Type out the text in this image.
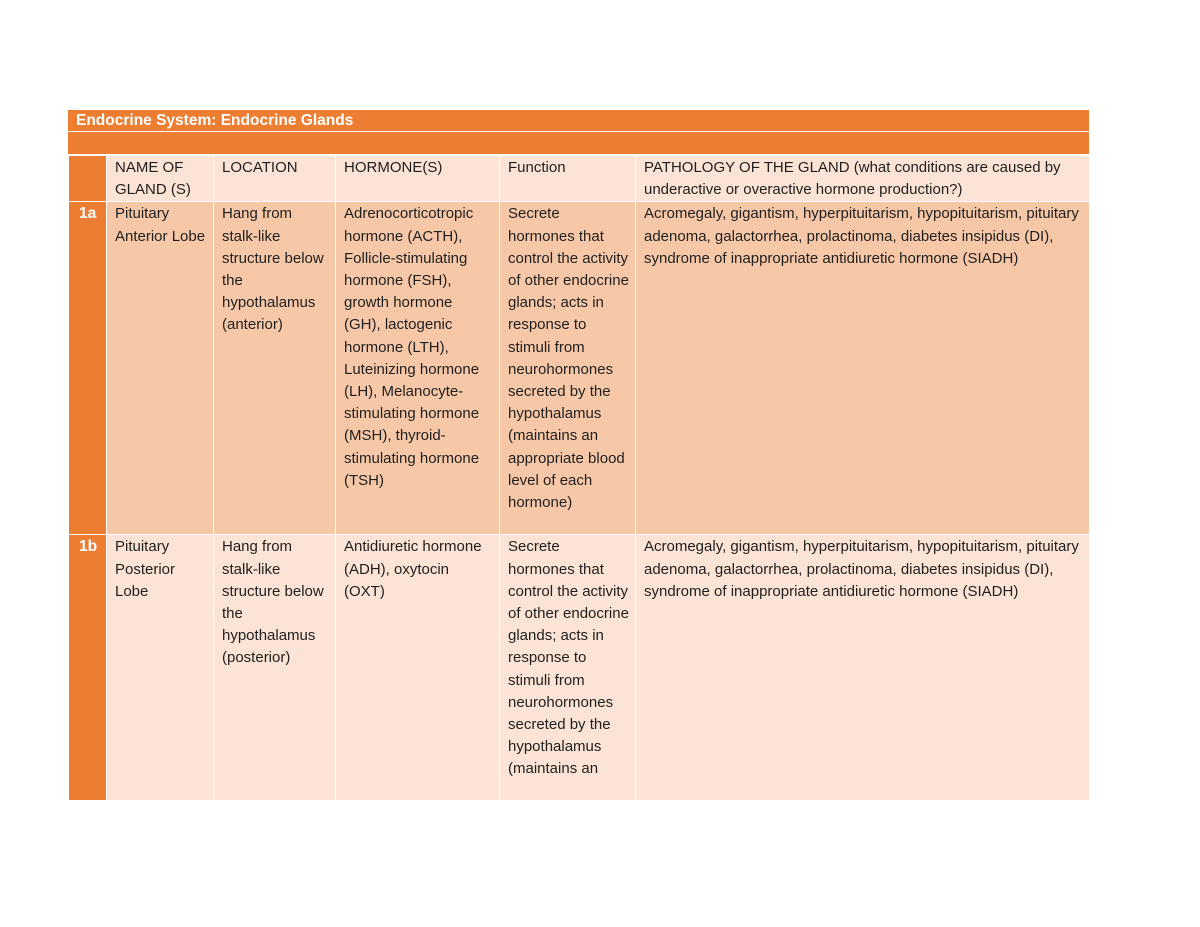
Endocrine System: Endocrine Glands
	NAME OF GLAND (S)	LOCATION	HORMONE(S)	Function	PATHOLOGY OF THE GLAND (what conditions are caused by underactive or overactive hormone production?)
1a	Pituitary Anterior Lobe	Hang from stalk-like structure below the hypothalamus (anterior)	Adrenocorticotropic hormone (ACTH), Follicle-stimulating hormone (FSH), growth hormone (GH), lactogenic hormone (LTH), Luteinizing hormone (LH), Melanocyte-stimulating hormone (MSH), thyroid-stimulating hormone (TSH)	Secrete hormones that control the activity of other endocrine glands; acts in response to stimuli from neurohormones secreted by the hypothalamus (maintains an appropriate blood level of each hormone)	Acromegaly, gigantism, hyperpituitarism, hypopituitarism, pituitary adenoma, galactorrhea, prolactinoma, diabetes insipidus (DI), syndrome of inappropriate antidiuretic hormone (SIADH)
1b	Pituitary Posterior Lobe	Hang from stalk-like structure below the hypothalamus (posterior)	Antidiuretic hormone (ADH), oxytocin (OXT)	Secrete hormones that control the activity of other endocrine glands; acts in response to stimuli from neurohormones secreted by the hypothalamus (maintains an	Acromegaly, gigantism, hyperpituitarism, hypopituitarism, pituitary adenoma, galactorrhea, prolactinoma, diabetes insipidus (DI), syndrome of inappropriate antidiuretic hormone (SIADH)
